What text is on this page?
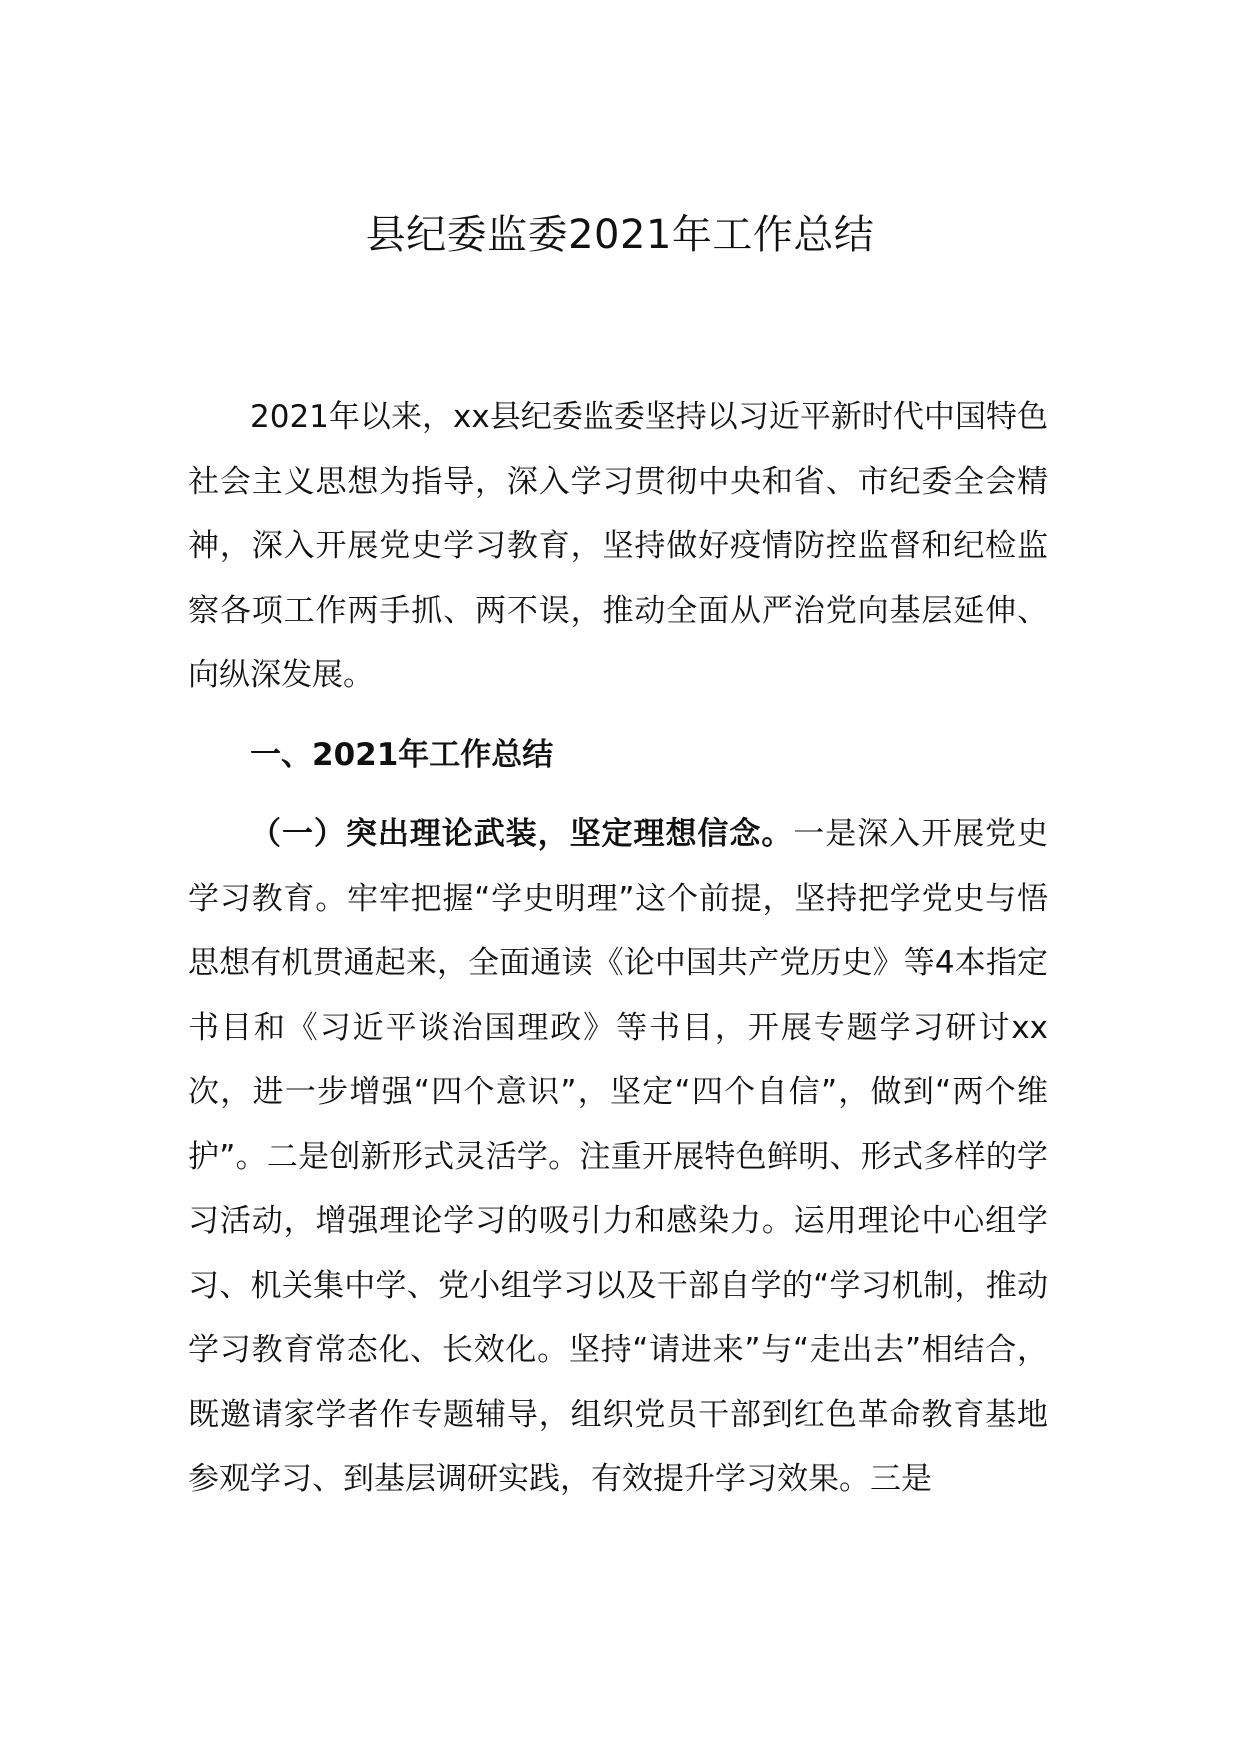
县纪委监委2021年工作总结

2021年以来，xx县纪委监委坚持以习近平新时代中国特色社会主义思想为指导，深入学习贯彻中央和省、市纪委全会精神，深入开展党史学习教育，坚持做好疫情防控监督和纪检监察各项工作两手抓、两不误，推动全面从严治党向基层延伸、向纵深发展。

一、2021年工作总结

（一）突出理论武装，坚定理想信念。一是深入开展党史学习教育。牢牢把握“学史明理”这个前提，坚持把学党史与悟思想有机贯通起来，全面通读《论中国共产党历史》等4本指定书目和《习近平谈治国理政》等书目，开展专题学习研讨xx次，进一步增强“四个意识”，坚定“四个自信”，做到“两个维护”。二是创新形式灵活学。注重开展特色鲜明、形式多样的学习活动，增强理论学习的吸引力和感染力。运用理论中心组学习、机关集中学、党小组学习以及干部自学的“学习机制，推动学习教育常态化、长效化。坚持“请进来”与“走出去”相结合，既邀请家学者作专题辅导，组织党员干部到红色革命教育基地参观学习、到基层调研实践，有效提升学习效果。三是
